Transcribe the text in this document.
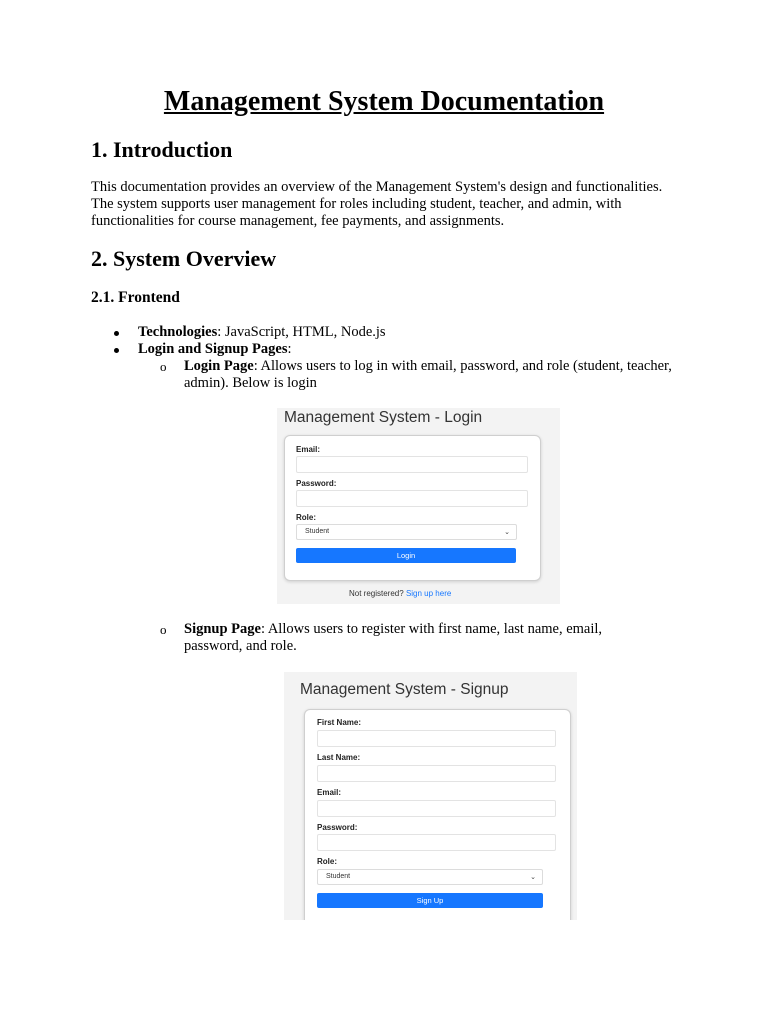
Management System Documentation
1. Introduction
This documentation provides an overview of the Management System's design and functionalities. The system supports user management for roles including student, teacher, and admin, with functionalities for course management, fee payments, and assignments.
2. System Overview
2.1. Frontend
Technologies: JavaScript, HTML, Node.js
Login and Signup Pages:
o Login Page: Allows users to log in with email, password, and role (student, teacher, admin). Below is login
Management System - Login
Email:
Password:
Role:
Student	⌄
Login
Not registered? Sign up here
o Signup Page: Allows users to register with first name, last name, email, password, and role.
Management System - Signup
First Name:
Last Name:
Email:
Password:
Role:
Student	⌄
Sign Up
